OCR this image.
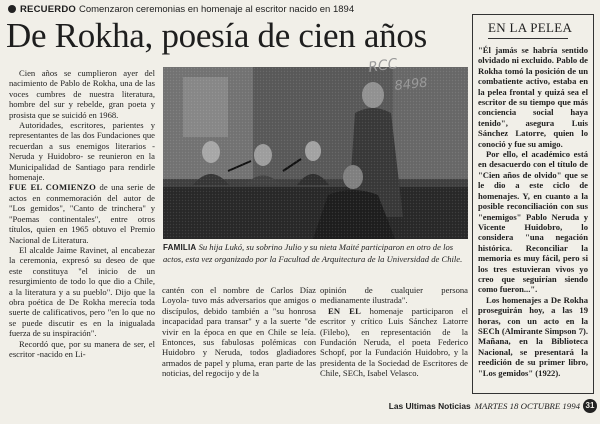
RECUERDO Comenzaron ceremonias en homenaje al escritor nacido en 1894
De Rokha, poesía de cien años

Cien años se cumplieron ayer del nacimiento de Pablo de Rokha, una de las voces cumbres de nuestra literatura, hombre del sur y rebelde, gran poeta y prosista que se suicidó en 1968.

Autoridades, escritores, parientes y representantes de las dos Fundaciones que recuerdan a sus enemigos literarios -Neruda y Huidobro- se reunieron en la Municipalidad de Santiago para rendirle homenaje.

FUE EL COMIENZO de una serie de actos en conmemoración del autor de "Los gemidos", "Canto de trinchera" y "Poemas continentales", entre otros títulos, quien en 1965 obtuvo el Premio Nacional de Literatura.

El alcalde Jaime Ravinet, al encabezar la ceremonia, expresó su deseo de que este constituya "el inicio de un resurgimiento de todo lo que dio a Chile, a la literatura y a su pueblo". Dijo que la obra poética de De Rokha merecía toda suerte de calificativos, pero "en lo que no se puede discutir es en la inigualada fuerza de su inspiración".

Recordó que, por su manera de ser, el escritor -nacido en Li-

RCC
8498
FAMILIA Su hija Lukó, su sobrino Julio y su nieta Maité participaron en otro de los actos, esta vez organizado por la Facultad de Arquitectura de la Universidad de Chile.

cantén con el nombre de Carlos Díaz Loyola- tuvo más adversarios que amigos o discípulos, debido también a "su honrosa incapacidad para transar" y a la suerte "de vivir en la época en que en Chile se leía. Entonces, sus fabulosas polémicas con Huidobro y Neruda, todos gladiadores armados de papel y pluma, eran parte de las noticias, del regocijo y de la

opinión de cualquier persona medianamente ilustrada".

EN EL homenaje participaron el escritor y crítico Luis Sánchez Latorre (Filebo), en representación de la Fundación Neruda, el poeta Federico Schopf, por la Fundación Huidobro, y la presidenta de la Sociedad de Escritores de Chile, SECh, Isabel Velasco.

EN LA PELEA

"Él jamás se habría sentido olvidado ni excluido. Pablo de Rokha tomó la posición de un combatiente activo, estaba en la pelea frontal y quizá sea el escritor de su tiempo que más conciencia social haya tenido", asegura Luis Sánchez Latorre, quien lo conoció y fue su amigo.

Por ello, el académico está en desacuerdo con el título de "Cien años de olvido" que se le dio a este ciclo de homenajes. Y, en cuanto a la posible reconciliación con sus "enemigos" Pablo Neruda y Vicente Huidobro, lo considera "una negación histórica. Reconciliar la memoria es muy fácil, pero si los tres estuvieran vivos yo creo que seguirían siendo como fueron...".

Los homenajes a De Rokha proseguirán hoy, a las 19 horas, con un acto en la SECh (Almirante Simpson 7). Mañana, en la Biblioteca Nacional, se presentará la reedición de su primer libro, "Los gemidos" (1922).

Las Ultimas Noticias MARTES 18 OCTUBRE 1994 31
